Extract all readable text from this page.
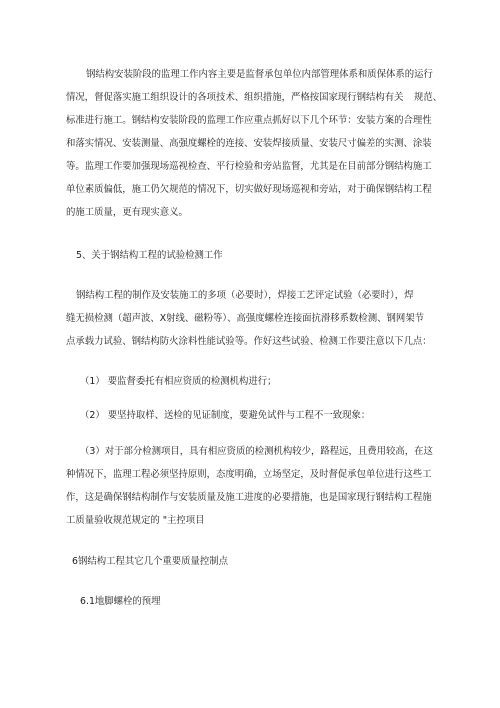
钢结构安装阶段的监理工作内容主要是监督承包单位内部管理体系和质保体系的运行
情况，督促落实施工组织设计的各项技术、组织措施，严格按国家现行钢结构有关 规范、
标准进行施工。钢结构安装阶段的监理工作应重点抓好以下几个环节：安装方案的合理性
和落实情况、安装测量、高强度螺栓的连接、安装焊接质量、安装尺寸偏差的实测、涂装
等。监理工作要加强现场巡视检查、平行检验和旁站监督，尤其是在目前部分钢结构施工
单位素质偏低，施工仍欠规范的情况下，切实做好现场巡视和旁站，对于确保钢结构工程
的施工质量，更有现实意义。
5、关于钢结构工程的试验检测工作
钢结构工程的制作及安装施工的多项（必要时），焊接工艺评定试验（必要时），焊
缝无损检测（超声波、X射线、磁粉等）、高强度螺栓连接面抗滑移系数检测、钢网架节
点承载力试验、钢结构防火涂料性能试验等。作好这些试验、检测工作要注意以下几点：
（1） 要监督委托有相应资质的检测机构进行；
（2） 要坚持取样、送检的见证制度，要避免试件与工程不一致现象：
（3）对于部分检测项目，具有相应资质的检测机构较少，路程远，且费用较高，在这
种情况下，监理工程必须坚持原则，态度明确，立场坚定，及时督促承包单位进行这些工
作，这是确保钢结构制作与安装质量及施工进度的必要措施，也是国家现行钢结构工程施
工质量验收规范规定的 "主控项目
6钢结构工程其它几个重要质量控制点
6.1地脚螺栓的预埋
